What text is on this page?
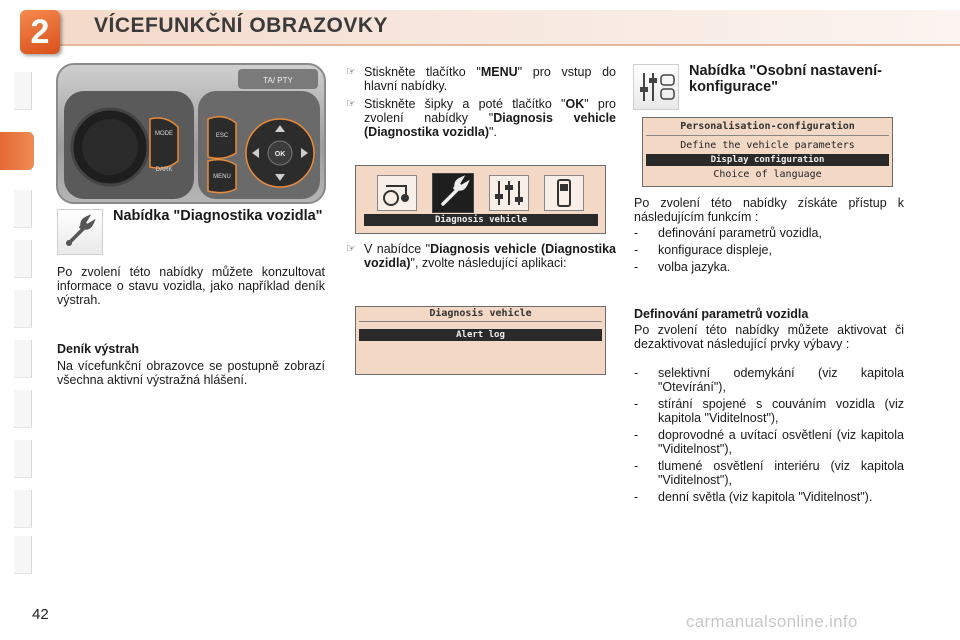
2	VÍCEFUNKČNÍ OBRAZOVKY
TA/ PTY
MODE
DARK
ESC
MENU
OK
Nabídka "Diagnostika vozidla"
Po zvolení této nabídky můžete konzultovat informace o stavu vozidla, jako například deník výstrah.
Deník výstrah
Na vícefunkční obrazovce se postupně zobrazí všechna aktivní výstražná hlášení.
☞ Stiskněte tlačítko "MENU" pro vstup do hlavní nabídky.
☞ Stiskněte šipky a poté tlačítko "OK" pro zvolení nabídky "Diagnosis vehicle (Diagnostika vozidla)".
Diagnosis vehicle
☞ V nabídce "Diagnosis vehicle (Diagnostika vozidla)", zvolte následující aplikaci:
Diagnosis vehicle
Alert log
Nabídka "Osobní nastavení-konfigurace"
Personalisation-configuration
Define the vehicle parameters
Display configuration
Choice of language
Po zvolení této nabídky získáte přístup k následujícím funkcím :
-	definování parametrů vozidla,
-	konfigurace displeje,
-	volba jazyka.
Definování parametrů vozidla
Po zvolení této nabídky můžete aktivovat či dezaktivovat následující prvky výbavy :
-	selektivní odemykání (viz kapitola "Otevírání"),
-	stírání spojené s couváním vozidla (viz kapitola "Viditelnost"),
-	doprovodné a uvítací osvětlení (viz kapitola "Viditelnost"),
-	tlumené osvětlení interiéru (viz kapitola "Viditelnost"),
-	denní světla (viz kapitola "Viditelnost").
42	carmanualsonline.info
